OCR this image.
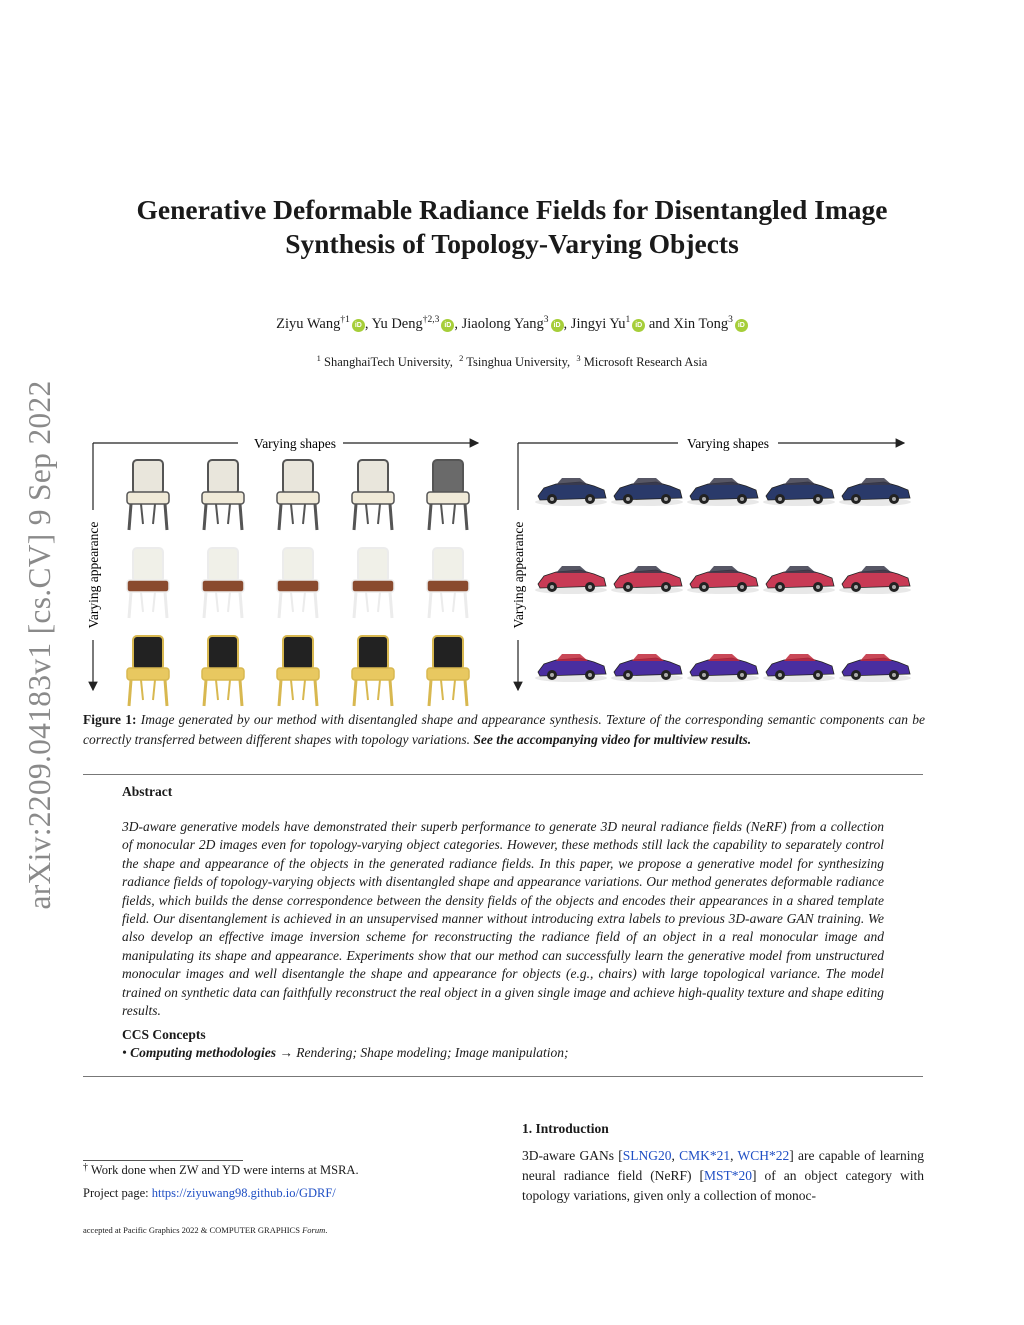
arXiv:2209.04183v1 [cs.CV] 9 Sep 2022
Generative Deformable Radiance Fields for Disentangled Image
Synthesis of Topology-Varying Objects
Ziyu Wang$^{\dagger 1}$iD , Yu Deng$^{\dagger 2,3}$iD , Jiaolong Yang$^3$iD , Jingyi Yu$^1$iD and Xin Tong$^3$iD
$^1$ ShanghaiTech University, $^2$ Tsinghua University, $^3$ Microsoft Research Asia
Varying shapes
Varying appearance
Varying shapes
Varying appearance
Figure 1: Image generated by our method with disentangled shape and appearance synthesis. Texture of the corresponding semantic components can be correctly transferred between different shapes with topology variations. See the accompanying video for multiview results.
Abstract
3D-aware generative models have demonstrated their superb performance to generate 3D neural radiance fields (NeRF) from a collection of monocular 2D images even for topology-varying object categories. However, these methods still lack the capability to separately control the shape and appearance of the objects in the generated radiance fields. In this paper, we propose a generative model for synthesizing radiance fields of topology-varying objects with disentangled shape and appearance variations. Our method generates deformable radiance fields, which builds the dense correspondence between the density fields of the objects and encodes their appearances in a shared template field. Our disentanglement is achieved in an unsupervised manner without introducing extra labels to previous 3D-aware GAN training. We also develop an effective image inversion scheme for reconstructing the radiance field of an object in a real monocular image and manipulating its shape and appearance. Experiments show that our method can successfully learn the generative model from unstructured monocular images and well disentangle the shape and appearance for objects (e.g., chairs) with large topological variance. The model trained on synthetic data can faithfully reconstruct the real object in a given single image and achieve high-quality texture and shape editing results.
CCS Concepts
• Computing methodologies → Rendering; Shape modeling; Image manipulation;
1. Introduction
3D-aware GANs [SLNG20, CMK*21, WCH*22] are capable of learning neural radiance field (NeRF) [MST*20] of an object category with topology variations, given only a collection of monoc-
† Work done when ZW and YD were interns at MSRA.
Project page: https://ziyuwang98.github.io/GDRF/
accepted at Pacific Graphics 2022 & COMPUTER GRAPHICS Forum.
